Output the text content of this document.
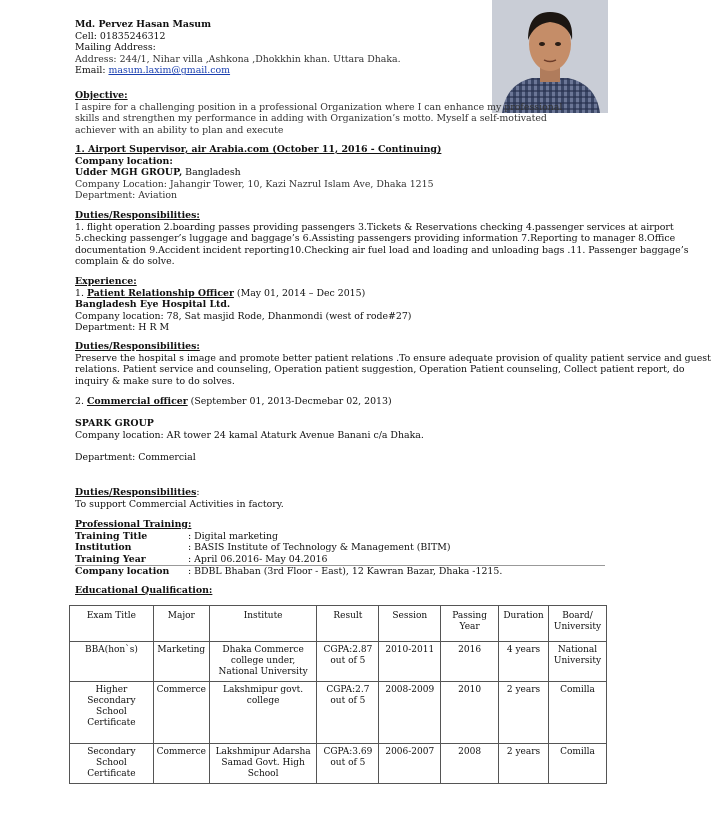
Md. Pervez Hasan Masum
Cell: 01835246312
Mailing Address:
Address: 244/1, Nihar villa ,Ashkona ,Dhokkhin khan. Uttara Dhaka.
Email: masum.laxim@gmail.com
Objective:
I aspire for a challenging position in a professional Organization where I can enhance my professional
skills and strengthen my performance in adding with Organization’s motto. Myself a self-motivated
achiever with an ability to plan and execute
1. Airport Supervisor, air Arabia.com (October 11, 2016 - Continuing)
Company location:
Udder MGH GROUP, Bangladesh
Company Location: Jahangir Tower, 10, Kazi Nazrul Islam Ave, Dhaka 1215
Department: Aviation
Duties/Responsibilities:
1. flight operation 2.boarding passes providing passengers 3.Tickets & Reservations checking 4.passenger services at airport
5.checking passenger’s luggage and baggage’s 6.Assisting passengers providing information 7.Reporting to manager 8.Office
documentation 9.Accident incident reporting10.Checking air fuel load and loading and unloading bags .11. Passenger baggage’s
complain & do solve.
Experience:
1. Patient Relationship Officer (May 01, 2014 – Dec 2015)
Bangladesh Eye Hospital Ltd.
Company location: 78, Sat masjid Rode, Dhanmondi (west of rode#27)
Department: H R M
Duties/Responsibilities:
Preserve the hospital s image and promote better patient relations .To ensure adequate provision of quality patient service and guest
relations. Patient service and counseling, Operation patient suggestion, Operation Patient counseling, Collect patient report, do
inquiry & make sure to do solves.
2. Commercial officer (September 01, 2013-Decmebar 02, 2013)
SPARK GROUP
Company location: AR tower 24 kamal Ataturk Avenue Banani c/a Dhaka.
Department: Commercial
Duties/Responsibilities:
To support Commercial Activities in factory.
Professional Training:
Training Title	: Digital marketing
Institution	: BASIS Institute of Technology & Management (BITM)
Training Year	: April 06.2016- May 04.2016
Company location	: BDBL Bhaban (3rd Floor - East), 12 Kawran Bazar, Dhaka -1215.
Educational Qualification:
Exam Title	Major	Institute	Result	Session	Passing Year	Duration	Board/ University
BBA(hon`s)	Marketing	Dhaka Commerce college under, National University	CGPA:2.87 out of 5	2010-2011	2016	4 years	National University
Higher Secondary School Certificate	Commerce	Lakshmipur govt. college	CGPA:2.7 out of 5	2008-2009	2010	2 years	Comilla
Secondary School Certificate	Commerce	Lakshmipur Adarsha Samad Govt. High School	CGPA:3.69 out of 5	2006-2007	2008	2 years	Comilla
